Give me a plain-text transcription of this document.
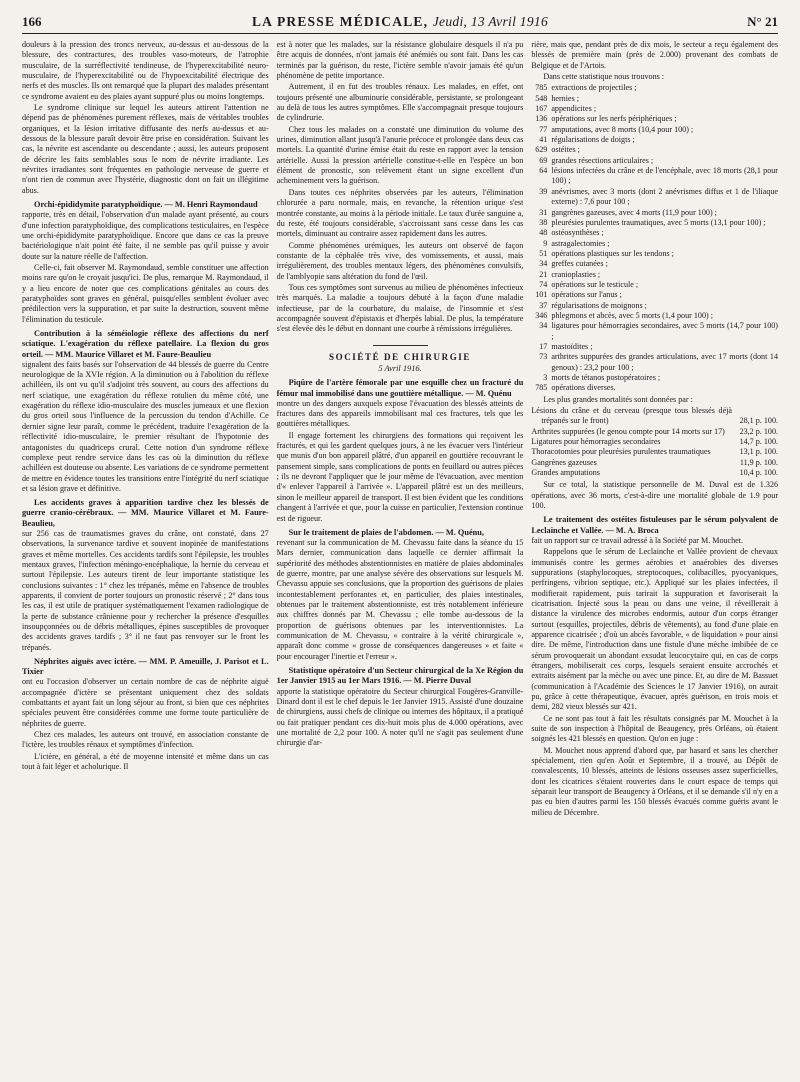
166	LA PRESSE MÉDICALE, Jeudi, 13 Avril 1916	N° 21

douleurs à la pression des troncs nerveux, au-dessus et au-dessous de la blessure, des contractures, des troubles vaso-moteurs, de l'atrophie musculaire, de la surréflectivité tendineuse, de l'hyperexcitabilité neuro-musculaire, de l'hyperexcitabilité ou de l'hypoexcitabilité électrique des nerfs et des muscles. Ils ont remarqué que la plupart des malades présentant ce syndrome avaient eu des plaies ayant suppuré plus ou moins longtemps.

Le syndrome clinique sur lequel les auteurs attirent l'attention ne dépend pas de phénomènes purement réflexes, mais de véritables troubles organiques, et la lésion irritative diffusante des nerfs au-dessus et au-dessous de la blessure paraît devoir être prise en considération. Suivant les cas, la névrite est ascendante ou descendante ; aussi, les auteurs proposent de décrire les faits semblables sous le nom de névrite irradiante. Les névrites irradiantes sont fréquentes en pathologie nerveuse de guerre et n'ont rien de commun avec l'hystérie, diagnostic dont on fait un illégitime abus.

Orchi-épididymite paratyphoïdique. — M. Henri Raymondaud

rapporte, très en détail, l'observation d'un malade ayant présenté, au cours d'une infection paratyphoïdique, des complications testiculaires, en l'espèce une orchi-épididymite paratyphoïdique. Encore que dans ce cas la preuve bactériologique n'ait point été faite, il ne semble pas qu'il puisse y avoir doute sur la nature réelle de l'affection.

Celle-ci, fait observer M. Raymondaud, semble constituer une affection moins rare qu'on le croyait jusqu'ici. De plus, remarque M. Raymondaud, il y a lieu encore de noter que ces complications génitales au cours des paratyphoïdes sont graves en général, puisqu'elles semblent évoluer avec prédilection vers la suppuration, et par suite la destruction, souvent même l'élimination du testicule.

Contribution à la séméiologie réflexe des affections du nerf sciatique. L'exagération du réflexe patellaire. La flexion du gros orteil. — MM. Maurice Villaret et M. Faure-Beaulieu

signalent des faits basés sur l'observation de 44 blessés de guerre du Centre neurologique de la XVIe région. A la diminution ou à l'abolition du réflexe achilléen, ils ont vu qu'il s'adjoint très souvent, au cours des affections du nerf sciatique, une exagération du réflexe rotulien du même côté, une exagération du réflexe idio-musculaire des muscles jumeaux et une flexion du gros orteil sous l'influence de la percussion du tendon d'Achille. Ce dernier signe leur paraît, comme le précédent, traduire l'exagération de la réflectivité idio-musculaire, le premier résultant de l'hypotonie des antagonistes du quadriceps crural. Cette notion d'un syndrome réflexe complexe peut rendre service dans les cas où la diminution du réflexe achilléen est douteuse ou absente. Les variations de ce syndrome permettent de mettre en évidence toutes les transitions entre l'intégrité du nerf sciatique et sa lésion grave et définitive.

Les accidents graves à apparition tardive chez les blessés de guerre cranio-cérébraux. — MM. Maurice Villaret et M. Faure-Beaulieu,

sur 256 cas de traumatismes graves du crâne, ont constaté, dans 27 observations, la survenance tardive et souvent inopinée de manifestations graves et même mortelles. Ces accidents tardifs sont l'épilepsie, les troubles mentaux graves, l'infection méningo-encéphalique, la hernie du cerveau et surtout l'épilepsie. Les auteurs tirent de leur importante statistique les conclusions suivantes : 1° chez les trépanés, même en l'absence de troubles apparents, il convient de porter toujours un pronostic réservé ; 2° dans tous les cas, il est utile de pratiquer systématiquement l'examen radiologique de la perte de substance crânienne pour y rechercher la présence d'esquilles insoupçonnées ou de débris métalliques, épines susceptibles de provoquer des accidents graves tardifs ; 3° il ne faut pas renvoyer sur le front les trépanés.

Néphrites aiguës avec ictère. — MM. P. Ameuille, J. Parisot et L. Tixier

ont eu l'occasion d'observer un certain nombre de cas de néphrite aiguë accompagnée d'ictère se présentant uniquement chez des soldats combattants et ayant fait un long séjour au front, si bien que ces néphrites spéciales peuvent être considérées comme une forme toute particulière de néphrites de guerre.

Chez ces malades, les auteurs ont trouvé, en association constante de l'ictère, les troubles rénaux et symptômes d'infection.

L'ictère, en général, a été de moyenne intensité et même dans un cas tout à fait léger et acholurique. Il

est à noter que les malades, sur la résistance globulaire desquels il n'a pu être acquis de données, n'ont jamais été anémiés ou sont fait. Dans les cas terminés par la guérison, du reste, l'ictère semble n'avoir jamais été qu'un phénomène de petite importance.

Autrement, il en fut des troubles rénaux. Les malades, en effet, ont toujours présenté une albuminurie considérable, persistante, se prolongeant au delà de tous les autres symptômes. Elle s'accompagnait presque toujours de cylindrurie.

Chez tous les malades on a constaté une diminution du volume des urines, diminution allant jusqu'à l'anurie précoce et prolongée dans deux cas mortels. La quantité d'urine émise était du reste en rapport avec la tension artérielle. Aussi la pression artérielle constitue-t-elle en l'espèce un bon élément de pronostic, son relèvement étant un signe excellent d'un acheminement vers la guérison.

Dans toutes ces néphrites observées par les auteurs, l'élimination chlorurée a paru normale, mais, en revanche, la rétention urique s'est montrée constante, au moins à la période initiale. Le taux d'urée sanguine a, du reste, été toujours considérable, s'accroissant sans cesse dans les cas mortels, diminuant au contraire assez rapidement dans les autres.

Comme phénomènes urémiques, les auteurs ont observé de façon constante de la céphalée très vive, des vomissements, et aussi, mais irrégulièrement, des troubles mentaux légers, des phénomènes convulsifs, de l'amblyopie sans altération du fond de l'œil.

Tous ces symptômes sont survenus au milieu de phénomènes infectieux très marqués. La maladie a toujours débuté à la façon d'une maladie infectieuse, par de la courbature, du malaise, de l'insomnie et s'est accompagnée souvent d'épistaxis et d'herpès labial. De plus, la température s'est élevée dès le début en donnant une courbe à rémissions irrégulières.

SOCIÉTÉ DE CHIRURGIE
5 Avril 1916.
Piqûre de l'artère fémorale par une esquille chez un fracturé du fémur mal immobilisé dans une gouttière métallique. — M. Quénu

montre un des dangers auxquels expose l'évacuation des blessés atteints de fractures dans des appareils immobilisant mal ces fractures, tels que les gouttières métalliques.

Il engage fortement les chirurgiens des formations qui reçoivent les fracturés, et qui les gardent quelques jours, à ne les évacuer vers l'intérieur que munis d'un bon appareil plâtré, d'un appareil en gouttière recouvrant le pansement simple, sans complications de ponts en feuillard ou autres pièces ; ils ne devront l'appliquer que le jour même de l'évacuation, avec mention d'« enlever l'appareil à l'arrivée ». L'appareil plâtré est un des meilleurs, sinon le meilleur appareil de transport. Il est bien évident que les conditions changent à l'arrivée et que, pour la cuisse en particulier, l'extension continue est de rigueur.

Sur le traitement de plaies de l'abdomen. — M. Quénu,

revenant sur la communication de M. Chevassu faite dans la séance du 15 Mars dernier, communication dans laquelle ce dernier affirmait la supériorité des méthodes abstentionnistes en matière de plaies abdominales de guerre, montre, par une analyse sévère des observations sur lesquels M. Chevassu appuie ses conclusions, que la proportion des guérisons de plaies incontestablement perforantes et, en particulier, des plaies intestinales, obtenues par le traitement abstentionniste, est très notablement inférieure aux chiffres donnés par M. Chevassu ; elle tombe au-dessous de la proportion de guérisons obtenues par les interventionnistes. La communication de M. Chevassu, « contraire à la vérité chirurgicale », apparaît donc comme « grosse de conséquences dangereuses » et faite « pour encourager l'inertie et l'erreur ».

Statistique opératoire d'un Secteur chirurgical de la Xe Région du 1er Janvier 1915 au 1er Mars 1916. — M. Pierre Duval

apporte la statistique opératoire du Secteur chirurgical Fougères-Granville-Dinard dont il est le chef depuis le 1er Janvier 1915. Assisté d'une douzaine de chirurgiens, aussi chefs de clinique ou internes des hôpitaux, il a pratiqué ou fait pratiquer pendant ces dix-huit mois plus de 4.000 opérations, avec une mortalité de 2,2 pour 100. A noter qu'il ne s'agit pas seulement d'une chirurgie d'ar-

rière, mais que, pendant près de dix mois, le secteur a reçu également des blessés de première main (près de 2.000) provenant des combats de Belgique et de l'Artois.

Dans cette statistique nous trouvons :

785 extractions de projectiles ;
548 hernies ;
167 appendicites ;
136 opérations sur les nerfs périphériques ;
77 amputations, avec 8 morts (10,4 pour 100) ;
41 régularisations de doigts ;
629 ostéites ;
69 grandes résections articulaires ;
64 lésions infectées du crâne et de l'encéphale, avec 18 morts (28,1 pour 100) ;
39 anévrismes, avec 3 morts (dont 2 anévrismes diffus et 1 de l'iliaque externe) : 7,6 pour 100 ;
31 gangrènes gazeuses, avec 4 morts (11,9 pour 100) ;
38 pleurésies purulentes traumatiques, avec 5 morts (13,1 pour 100) ;
48 ostéosynthèses ;
9 astragalectomies ;
51 opérations plastiques sur les tendons ;
34 greffes cutanées ;
21 cranioplasties ;
74 opérations sur le testicule ;
101 opérations sur l'anus ;
37 régularisations de moignons ;
346 phlegmons et abcès, avec 5 morts (1,4 pour 100) ;
34 ligatures pour hémorragies secondaires, avec 5 morts (14,7 pour 100) ;
17 mastoïdites ;
73 arthrites suppurées des grandes articulations, avec 17 morts (dont 14 genoux) : 23,2 pour 100 ;
3 morts de tétanos postopératoires ;
785 opérations diverses.

Les plus grandes mortalités sont données par :

Lésions du crâne et du cerveau (presque tous blessés déjà trépanés sur le front)	28,1 p. 100.
Arthrites suppurées (le genou compte pour 14 morts sur 17)	23,2 p. 100.
Ligatures pour hémorragies secondaires	14,7 p. 100.
Thoracotomies pour pleurésies purulentes traumatiques	13,1 p. 100.
Gangrènes gazeuses	11,9 p. 100.
Grandes amputations	10,4 p. 100.

Sur ce total, la statistique personnelle de M. Duval est de 1.326 opérations, avec 36 morts, c'est-à-dire une mortalité globale de 1.9 pour 100.

Le traitement des ostéites fistuleuses par le sérum polyvalent de Leclainche et Vallée. — M. A. Broca

fait un rapport sur ce travail adressé à la Société par M. Mouchet.

Rappelons que le sérum de Leclainche et Vallée provient de chevaux immunisés contre les germes aérobies et anaérobies des diverses suppurations (staphylocoques, streptocoques, colibacilles, pyocyaniques, perfringens, vibrion septique, etc.). Appliqué sur les plaies infectées, il modifierait rapidement, puis tarirait la suppuration et favoriserait la cicatrisation. Injecté sous la peau ou dans une veine, il réveillerait à distance la virulence des microbes endormis, autour d'un corps étranger surtout (esquilles, projectiles, débris de vêtements), au fond d'une plaie en apparence cicatrisée ; d'où un abcès favorable, « de liquidation » pour ainsi dire. De même, l'introduction dans une fistule d'une mèche imbibée de ce sérum provoquerait un abondant exsudat leucocytaire qui, en cas de corps étrangers, mobiliserait ces corps, lesquels seraient ensuite accrochés et extraits aisément par la mèche ou avec une pince. Et, au dire de M. Bassuet (communication à l'Académie des Sciences le 17 Janvier 1916), on aurait pu, grâce à cette thérapeutique, évacuer, après guérison, en trois mois et demi, 282 vieux blessés sur 421.

Ce ne sont pas tout à fait les résultats consignés par M. Mouchet à la suite de son inspection à l'hôpital de Beaugency, près Orléans, où étaient soignés les 421 blessés en question. Qu'on en juge :

M. Mouchet nous apprend d'abord que, par hasard et sans les chercher spécialement, rien qu'en Août et Septembre, il a trouvé, au Dépôt de convalescents, 10 blessés, atteints de lésions osseuses assez superficielles, dont les cicatrices s'étaient rouvertes dans le court espace de temps qui séparait leur transport de Beaugency à Orléans, et il se demande s'il n'y en a pas eu bien d'autres parmi les 150 blessés évacués comme guéris avant le milieu de Décembre.
